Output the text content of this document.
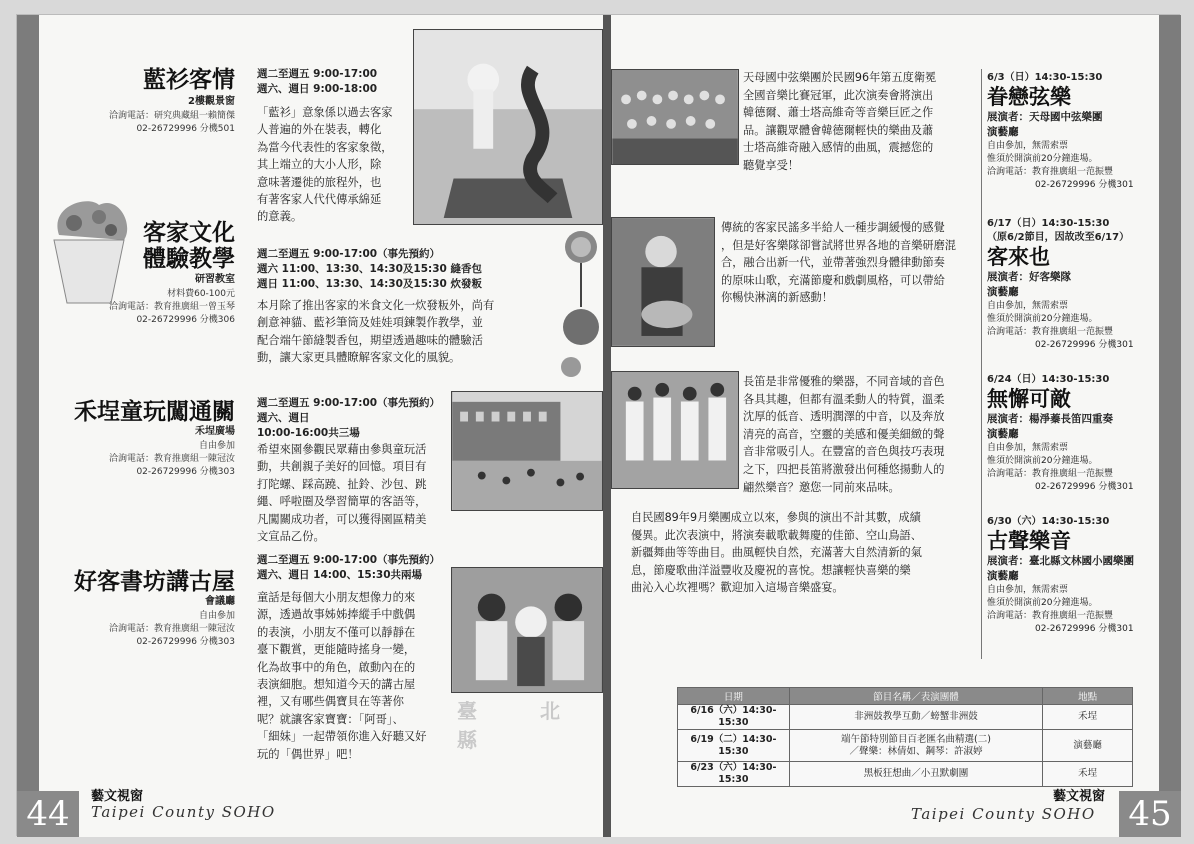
藍衫客情
2樓觀景窗
洽詢電話：研究典藏組一賴簡傑
02-26729996 分機501
週二至週五 9:00-17:00
週六、週日 9:00-18:00
「藍衫」意象係以過去客家
人普遍的外在裝表，轉化
為當今代表性的客家象徵，
其上端立的大小人形，除
意味著遷徙的旅程外，也
有著客家人代代傳承綿延
的意義。
客家文化
體驗教學
研習教室
材料費60-100元
洽詢電話：教育推廣組一曾玉琴
02-26729996 分機306
週二至週五 9:00-17:00（事先預約）
週六 11:00、13:30、14:30及15:30 縫香包
週日 11:00、13:30、14:30及15:30 炊發粄
本月除了推出客家的米食文化一炊發粄外，尚有
創意神貓、藍衫筆筒及娃娃項鍊製作教學，並
配合端午節縫製香包，期望透過趣味的體驗活
動，讓大家更具體瞭解客家文化的風貌。
禾埕童玩闖通關
禾埕廣場
自由參加
洽詢電話：教育推廣組一陳冠汝
02-26729996 分機303
週二至週五 9:00-17:00（事先預約）
週六、週日
10:00-16:00共三場
希望來園參觀民眾藉由參與童玩活
動，共創親子美好的回憶。項目有
打陀螺、踩高蹺、扯鈴、沙包、跳
繩、呼啦圈及學習簡單的客語等，
凡闖關成功者，可以獲得園區精美
文宣品乙份。
好客書坊講古屋
會議廳
自由參加
洽詢電話：教育推廣組一陳冠汝
02-26729996 分機303
週二至週五 9:00-17:00（事先預約）
週六、週日 14:00、15:30共兩場
童話是每個大小朋友想像力的來
源，透過故事姊姊捧縱手中戲偶
的表演，小朋友不僅可以靜靜在
臺下觀賞，更能隨時搖身一變，
化為故事中的角色，啟動內在的
表演細胞。想知道今天的講古屋
裡，又有哪些偶寶貝在等著你
呢？就讓客家寶寶：「阿哥」、
「細妹」一起帶領你進入好聽又好
玩的「偶世界」吧！
臺 北 縣
44	藝文視窗
Taipei County SOHO
天母國中弦樂團於民國96年第五度衛冕
全國音樂比賽冠軍，此次演奏會將演出
韓德爾、蕭士塔高維奇等音樂巨匠之作
品。讓觀眾體會韓德爾輕快的樂曲及蕭
士塔高維奇融入感情的曲風，震撼您的
聽覺享受！
傳統的客家民謠多半給人一種步調緩慢的感覺
，但是好客樂隊卻嘗試將世界各地的音樂研磨混
合，融合出新一代，並帶著強烈身體律動節奏
的原味山歌，充滿節慶和戲劇風格，可以帶給
你暢快淋漓的新感動！
長笛是非常優雅的樂器，不同音域的音色
各具其趣，但都有溫柔動人的特質，溫柔
沈厚的低音、透明潤澤的中音，以及奔放
清亮的高音，空靈的美感和優美細緻的聲
音非常吸引人。在豐富的音色與技巧表現
之下，四把長笛將激發出何種悠揚動人的
翩然樂音？邀您一同前來品味。
自民國89年9月樂團成立以來，參與的演出不計其數，成績
優異。此次表演中，將演奏載歌載舞慶的佳節、空山鳥語、
新疆舞曲等等曲目。曲風輕快自然，充滿著大自然清新的氣
息，節慶歌曲洋溢豐收及慶祝的喜悅。想讓輕快喜樂的樂
曲沁入心坎裡嗎？歡迎加入這場音樂盛宴。
6/3（日）14:30-15:30
眷戀弦樂
展演者：天母國中弦樂團
演藝廳
自由參加，無需索票
惟須於開演前20分鐘進場。
洽詢電話：教育推廣組一范振豐
02-26729996 分機301
6/17（日）14:30-15:30
（原6/2節目，因故改至6/17）
客來也
展演者：好客樂隊
演藝廳
自由參加，無需索票
惟須於開演前20分鐘進場。
洽詢電話：教育推廣組一范振豐
02-26729996 分機301
6/24（日）14:30-15:30
無懈可敵
展演者：楊淨蓁長笛四重奏
演藝廳
自由參加，無需索票
惟須於開演前20分鐘進場。
洽詢電話：教育推廣組一范振豐
02-26729996 分機301
6/30（六）14:30-15:30
古聲樂音
展演者：臺北縣文林國小國樂團
演藝廳
自由參加，無需索票
惟須於開演前20分鐘進場。
洽詢電話：教育推廣組一范振豐
02-26729996 分機301
日期	節目名稱／表演團體	地點
6/16（六）14:30-15:30	非洲鼓教學互動／螃蟹非洲鼓	禾埕
6/19（二）14:30-15:30	端午節特別節目百老匯名曲精選(二)
／聲樂：林倩如、鋼琴：許淑婷	演藝廳
6/23（六）14:30-15:30	黑板狂想曲／小丑默劇團	禾埕
藝文視窗
Taipei County SOHO 45
